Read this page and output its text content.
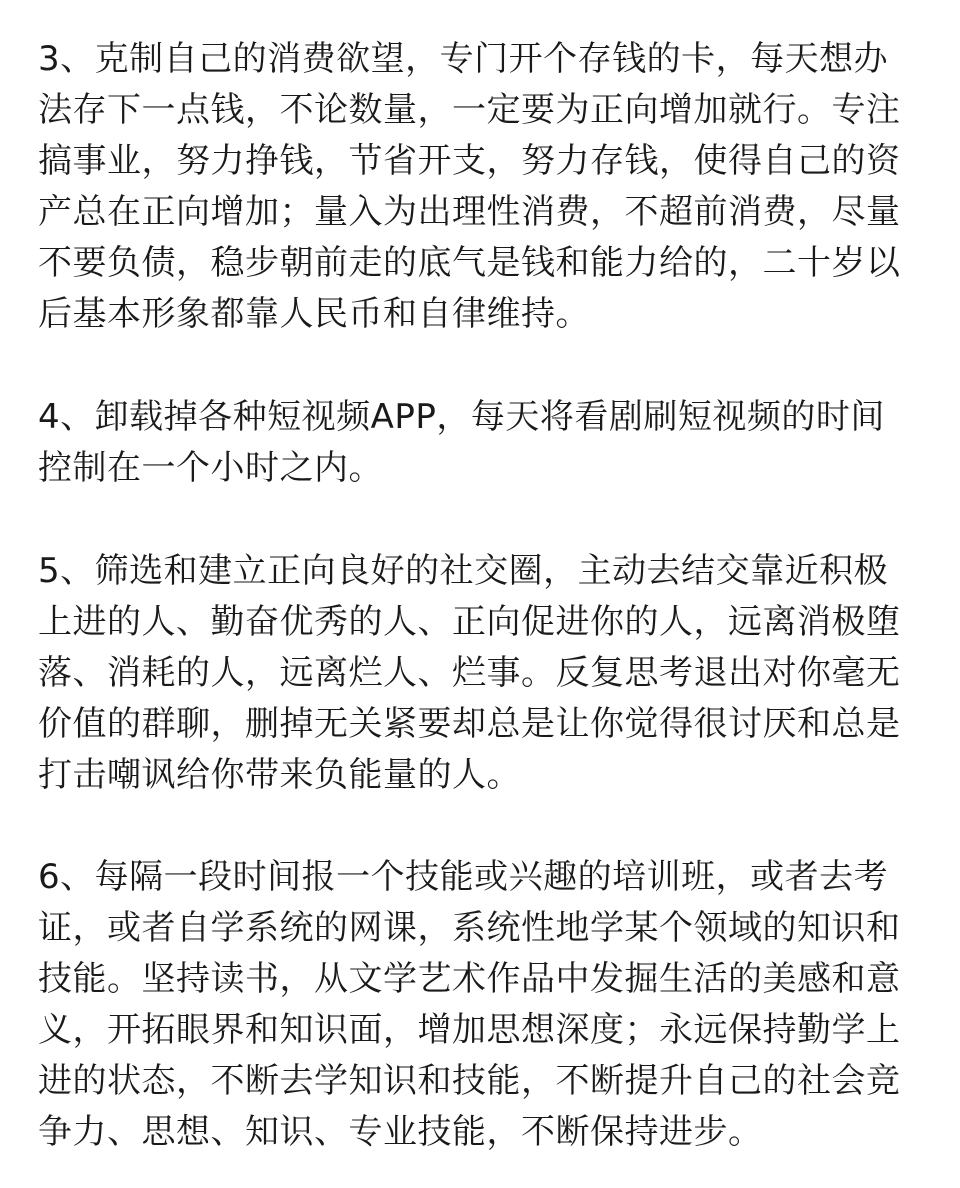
3、克制自己的消费欲望，专门开个存钱的卡，每天想办
法存下一点钱，不论数量，一定要为正向增加就行。专注
搞事业，努力挣钱，节省开支，努力存钱，使得自己的资
产总在正向增加；量入为出理性消费，不超前消费，尽量
不要负债，稳步朝前走的底气是钱和能力给的，二十岁以
后基本形象都靠人民币和自律维持。
4、卸载掉各种短视频APP，每天将看剧刷短视频的时间
控制在一个小时之内。
5、筛选和建立正向良好的社交圈，主动去结交靠近积极
上进的人、勤奋优秀的人、正向促进你的人，远离消极堕
落、消耗的人，远离烂人、烂事。反复思考退出对你毫无
价值的群聊，删掉无关紧要却总是让你觉得很讨厌和总是
打击嘲讽给你带来负能量的人。
6、每隔一段时间报一个技能或兴趣的培训班，或者去考
证，或者自学系统的网课，系统性地学某个领域的知识和
技能。坚持读书，从文学艺术作品中发掘生活的美感和意
义，开拓眼界和知识面，增加思想深度；永远保持勤学上
进的状态，不断去学知识和技能，不断提升自己的社会竞
争力、思想、知识、专业技能，不断保持进步。
